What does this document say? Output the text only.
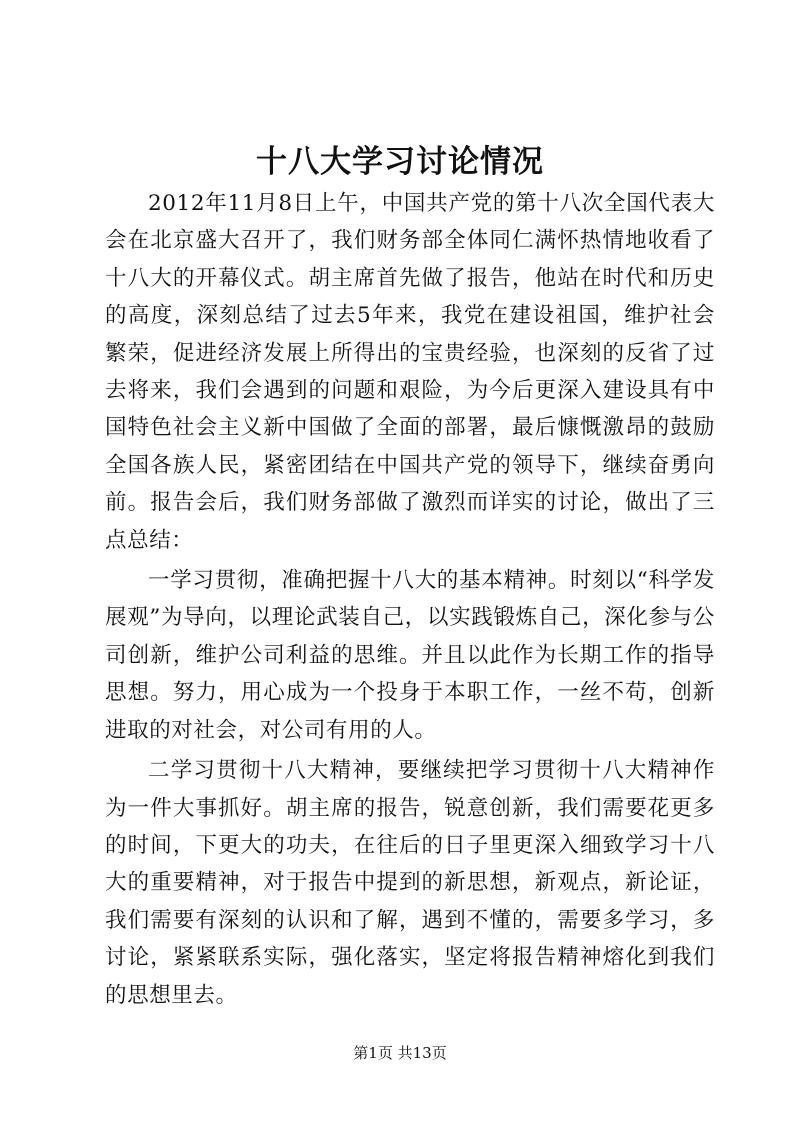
十八大学习讨论情况

2012年11月8日上午，中国共产党的第十八次全国代表大会在北京盛大召开了，我们财务部全体同仁满怀热情地收看了十八大的开幕仪式。胡主席首先做了报告，他站在时代和历史的高度，深刻总结了过去5年来，我党在建设祖国，维护社会繁荣，促进经济发展上所得出的宝贵经验，也深刻的反省了过去将来，我们会遇到的问题和艰险，为今后更深入建设具有中国特色社会主义新中国做了全面的部署，最后慷慨激昂的鼓励全国各族人民，紧密团结在中国共产党的领导下，继续奋勇向前。报告会后，我们财务部做了激烈而详实的讨论，做出了三点总结：

一学习贯彻，准确把握十八大的基本精神。时刻以“科学发展观”为导向，以理论武装自己，以实践锻炼自己，深化参与公司创新，维护公司利益的思维。并且以此作为长期工作的指导思想。努力，用心成为一个投身于本职工作，一丝不苟，创新进取的对社会，对公司有用的人。

二学习贯彻十八大精神，要继续把学习贯彻十八大精神作为一件大事抓好。胡主席的报告，锐意创新，我们需要花更多的时间，下更大的功夫，在往后的日子里更深入细致学习十八大的重要精神，对于报告中提到的新思想，新观点，新论证，我们需要有深刻的认识和了解，遇到不懂的，需要多学习，多讨论，紧紧联系实际，强化落实，坚定将报告精神熔化到我们的思想里去。

第1页 共13页
